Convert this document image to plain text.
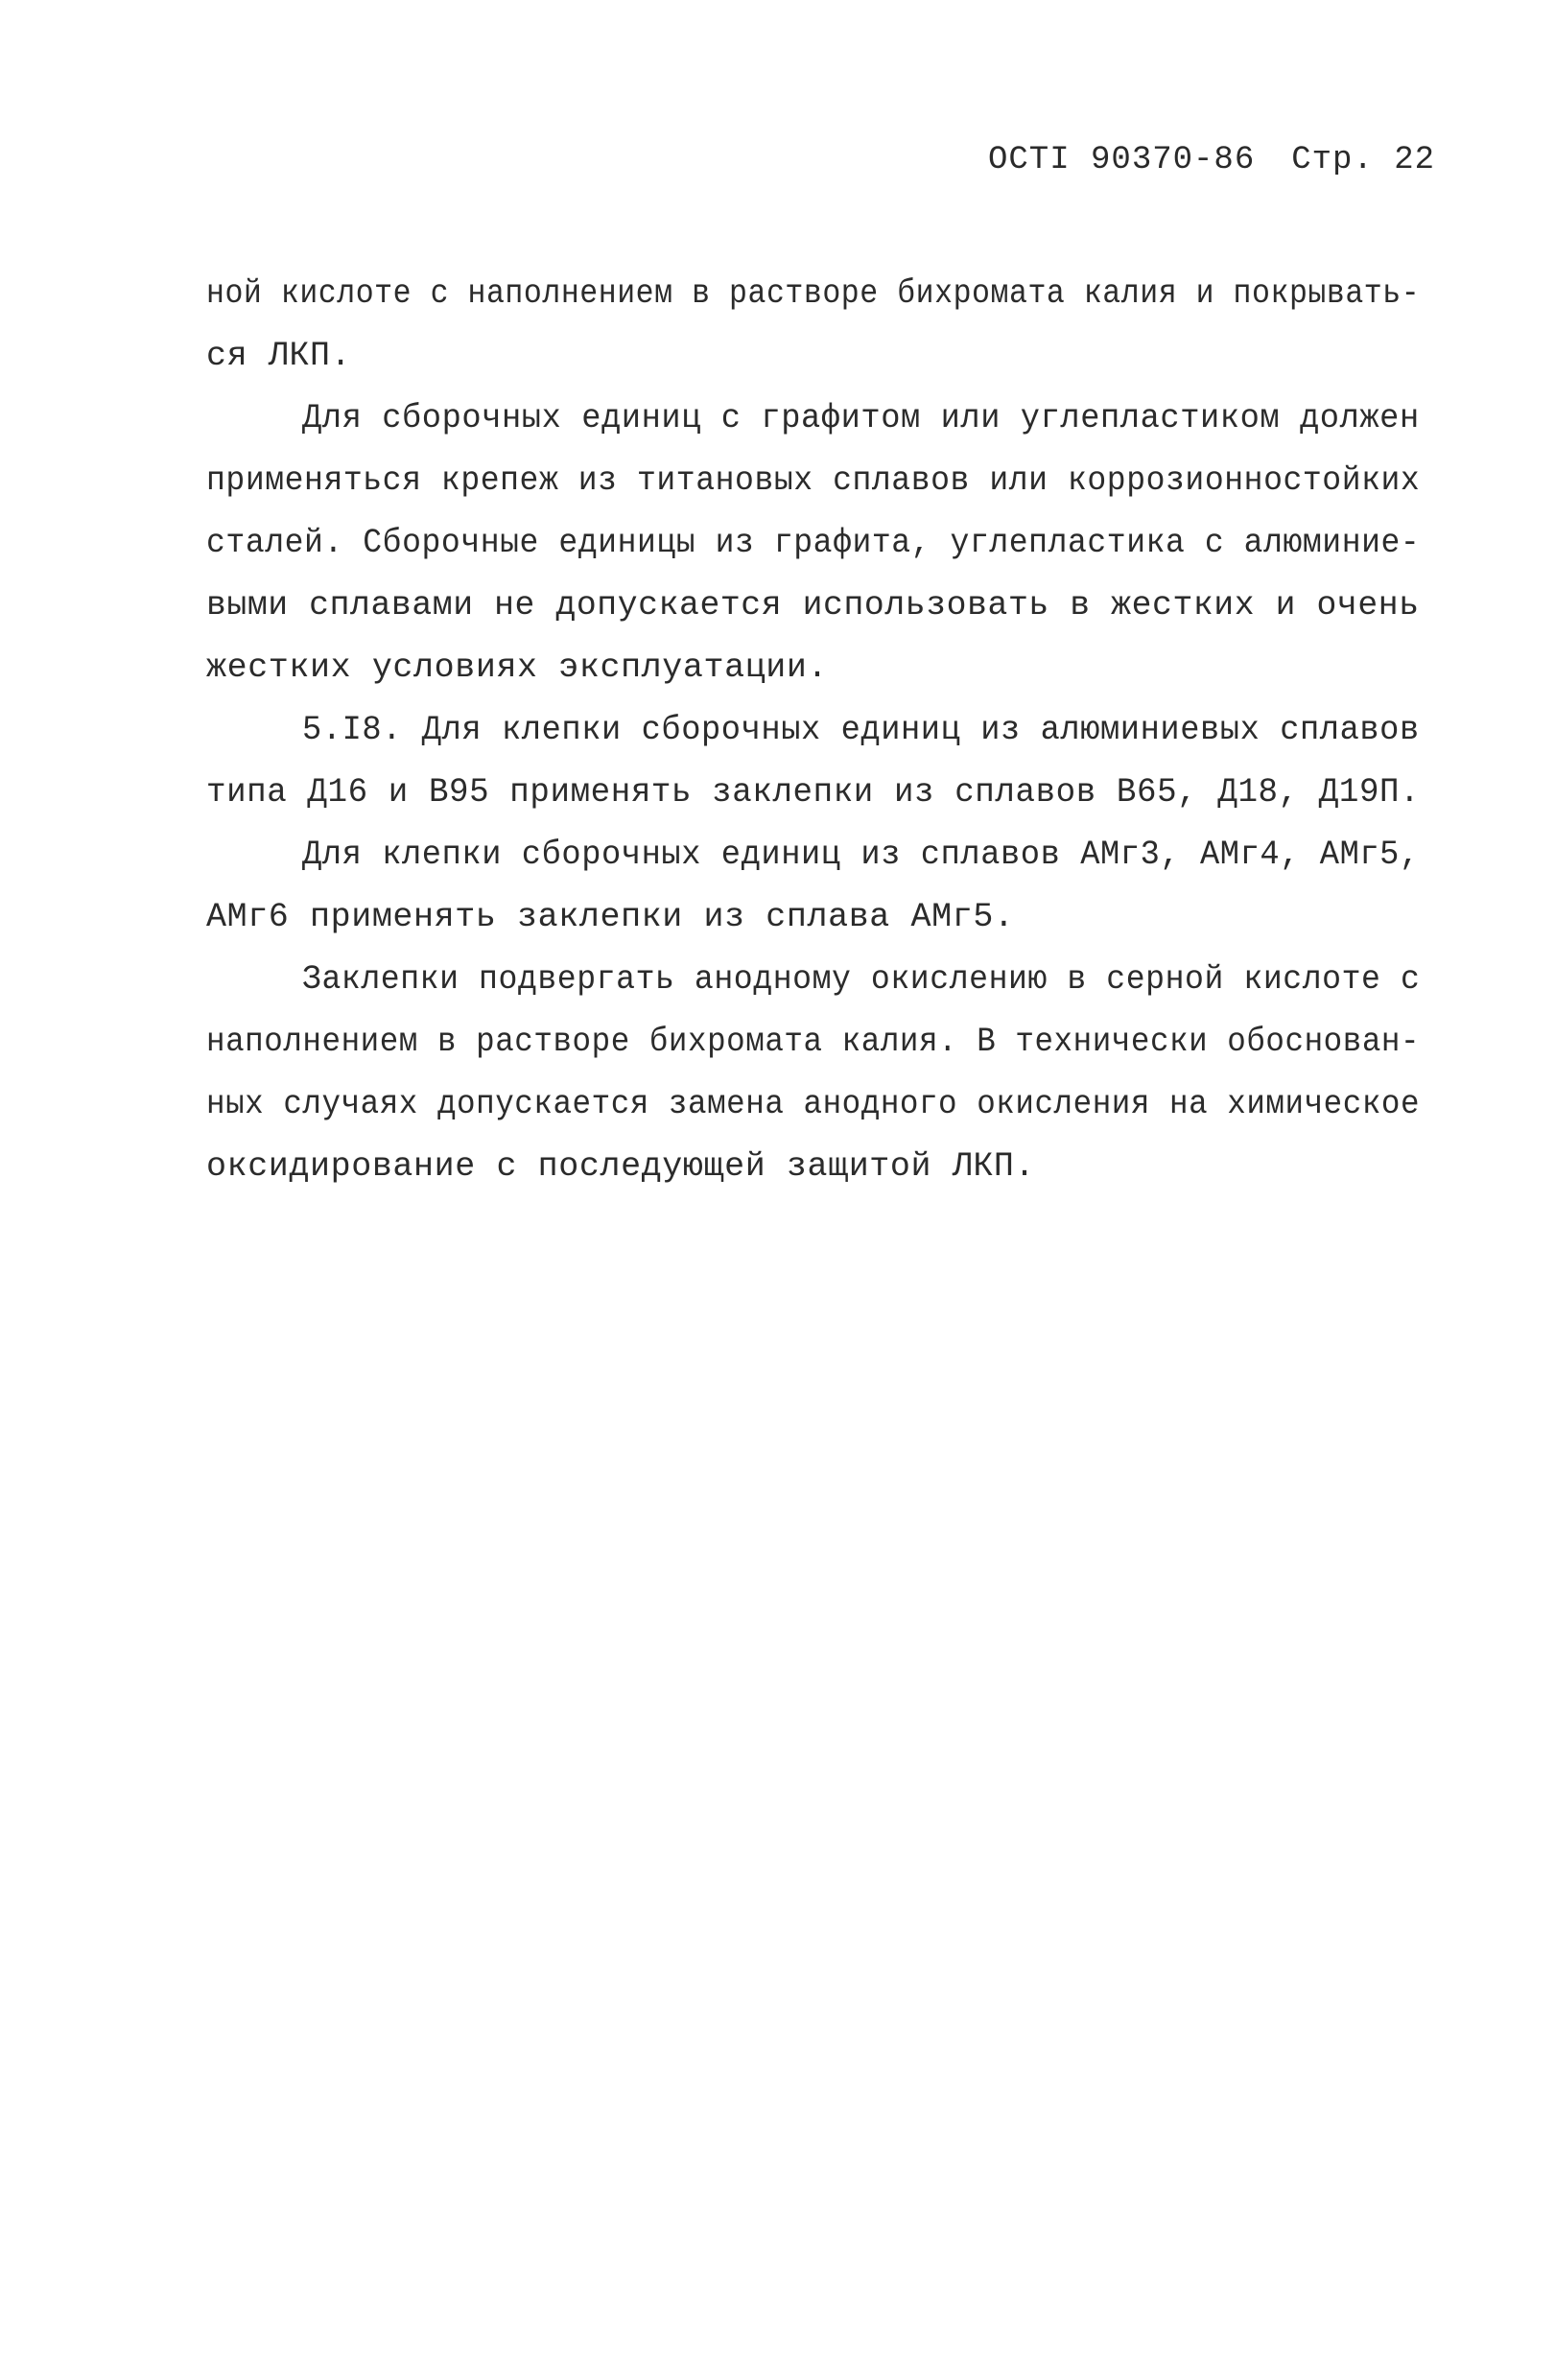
ОСТI 90370-86 Стр. 22
ной кислоте с наполнением в растворе бихромата калия и покрывать-
ся ЛКП.
Для сборочных единиц с графитом или углепластиком должен
применяться крепеж из титановых сплавов или коррозионностойких
сталей. Сборочные единицы из графита, углепластика с алюминие-
выми сплавами не допускается использовать в жестких и очень
жестких условиях эксплуатации.
5.I8. Для клепки сборочных единиц из алюминиевых сплавов
типа Д16 и В95 применять заклепки из сплавов В65, Д18, Д19П.
Для клепки сборочных единиц из сплавов АМг3, АМг4, АМг5,
АМг6 применять заклепки из сплава АМг5.
Заклепки подвергать анодному окислению в серной кислоте с
наполнением в растворе бихромата калия. В технически обоснован-
ных случаях допускается замена анодного окисления на химическое
оксидирование с последующей защитой ЛКП.
